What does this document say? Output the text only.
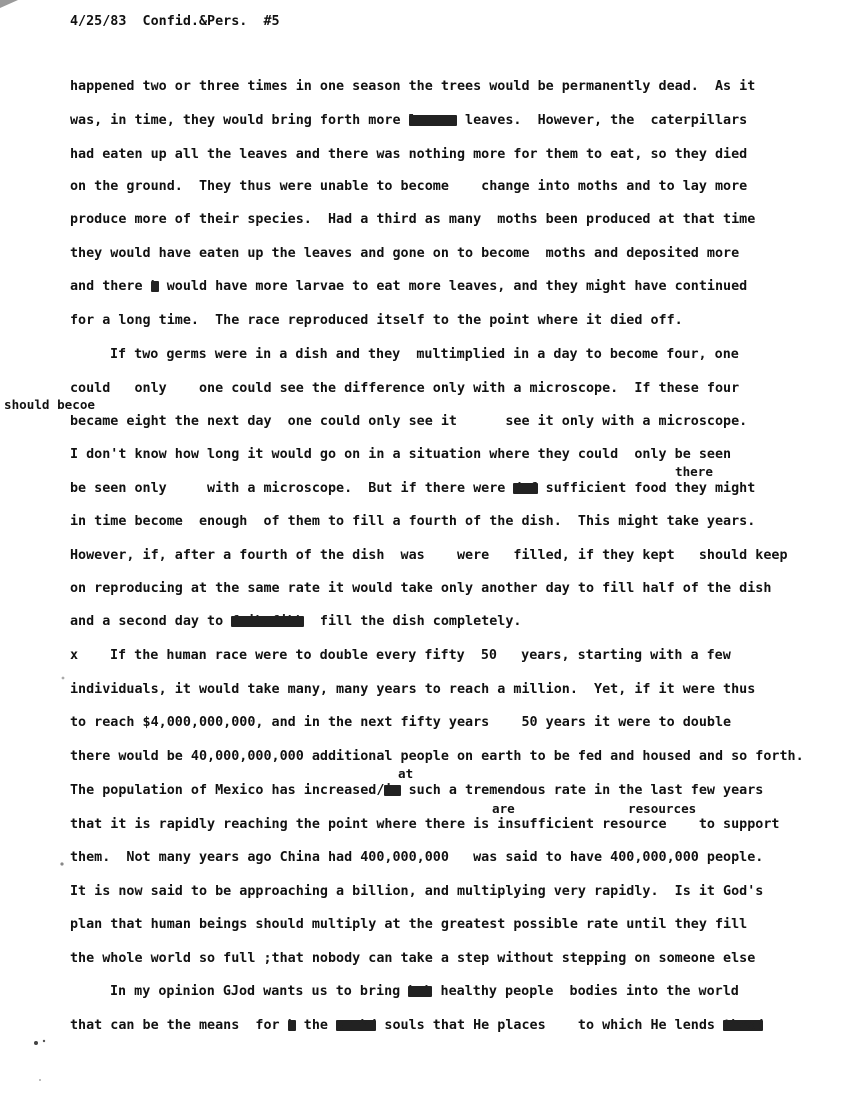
4/25/83  Confid.&Pers.  #5
happened two or three times in one season the trees would be permanently dead.  As it
was, in time, they would bring forth more leave, leaves.  However, the  caterpillars
had eaten up all the leaves and there was nothing more for them to eat, so they died
on the ground.  They thus were unable to become    change into moths and to lay more
produce more of their species.  Had a third as many  moths been produced at that time
they would have eaten up the leaves and gone on to become  moths and deposited more
and there k would have more larvae to eat more leaves, and they might have continued
for a long time.  The race reproduced itself to the point where it died off.
If two germs were in a dish and they  multimplied in a day to become four, one
could   only    one could see the difference only with a microscope.  If these four
should becoe
became eight the next day  one could only see it      see it only with a microscope.
I don't know how long it would go on in a situation where they could  only be seen
there
be seen only     with a microscope.  But if there were dxf sufficient food they might
in time become  enough  of them to fill a fourth of the dish.  This might take years.
However, if, after a fourth of the dish  was    were   filled, if they kept   should keep
on reproducing at the same rate it would take only another day to fill half of the dish
and a second day to fmikxfikk  fill the dish completely.
x If the human race were to double every fifty  50   years, starting with a few
individuals, it would take many, many years to reach a million.  Yet, if it were thus
to reach $4,000,000,000, and in the next fifty years    50 years it were to double
there would be 40,000,000,000 additional people on earth to be fed and housed and so forth.
at
The population of Mexico has increased/ix such a tremendous rate in the last few years
are	resources
that it is rapidly reaching the point where there is insufficient resource    to support
them.  Not many years ago China had 400,000,000   was said to have 400,000,000 people.
It is now said to be approaching a billion, and multiplying very rapidly.  Is it God's
plan that human beings should multiply at the greatest possible rate until they fill
the whole world so full ;that nobody can take a step without stepping on someone else
In my opinion GJod wants us to bring hmk healthy people  bodies into the world
that can be the means  for k the smmkd souls that He places    to which He lends thexd
